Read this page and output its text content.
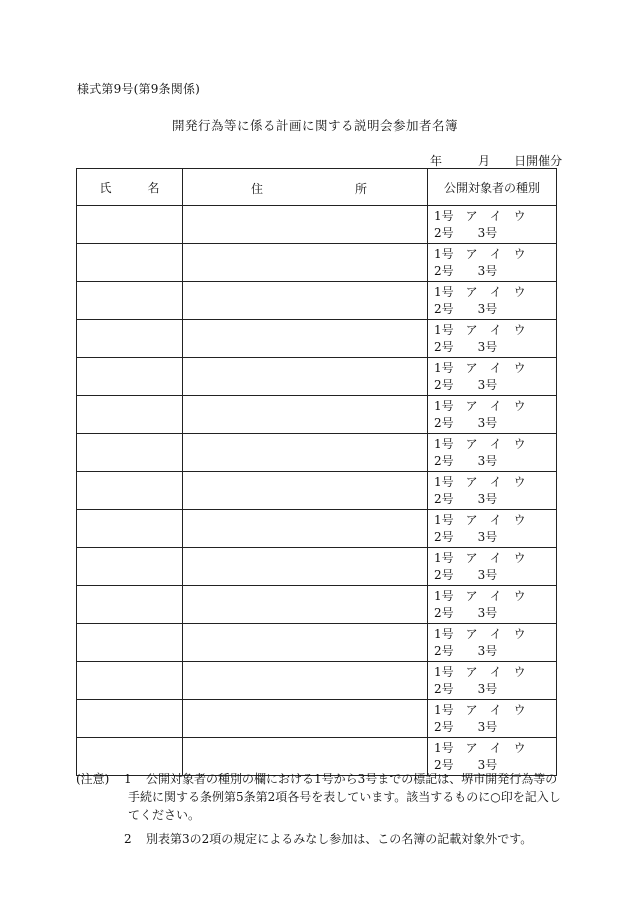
様式第9号(第9条関係)
開発行為等に係る計画に関する説明会参加者名簿
年　　　	月　　 日開催分
氏　　　 名	住 所	公開対象者の種別

		1号　ア　イ　ウ
2号　　3号

		1号　ア　イ　ウ
2号　　3号

		1号　ア　イ　ウ
2号　　3号

		1号　ア　イ　ウ
2号　　3号

		1号　ア　イ　ウ
2号　　3号

		1号　ア　イ　ウ
2号　　3号

		1号　ア　イ　ウ
2号　　3号

		1号　ア　イ　ウ
2号　　3号

		1号　ア　イ　ウ
2号　　3号

		1号　ア　イ　ウ
2号　　3号

		1号　ア　イ　ウ
2号　　3号

		1号　ア　イ　ウ
2号　　3号

		1号　ア　イ　ウ
2号　　3号

		1号　ア　イ　ウ
2号　　3号

		1号　ア　イ　ウ
2号　　3号
(注意) 1	公開対象者の種別の欄における1号から3号までの標記は、堺市開発行為等の手続に関する条例第5条第2項各号を表しています。該当するものに○印を記入してください。
2 別表第3の2項の規定によるみなし参加は、この名簿の記載対象外です。
